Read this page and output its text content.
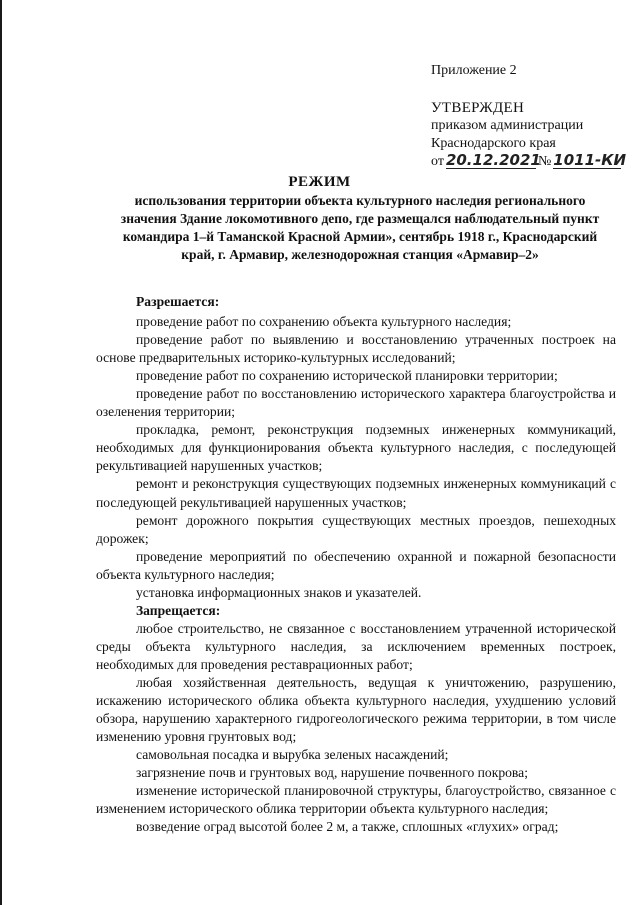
Приложение 2
УТВЕРЖДЕН
приказом администрации
Краснодарского края
от 20.12.2021№ 1011-КИ
РЕЖИМ
использования территории объекта культурного наследия регионального значения Здание локомотивного депо, где размещался наблюдательный пункт командира 1–й Таманской Красной Армии», сентябрь 1918 г., Краснодарский край, г. Армавир, железнодорожная станция «Армавир–2»

Разрешается:

проведение работ по сохранению объекта культурного наследия;

проведение работ по выявлению и восстановлению утраченных построек на основе предварительных историко-культурных исследований;

проведение работ по сохранению исторической планировки территории;

проведение работ по восстановлению исторического характера благоустройства и озеленения территории;

прокладка, ремонт, реконструкция подземных инженерных коммуникаций, необходимых для функционирования объекта культурного наследия, с последующей рекультивацией нарушенных участков;

ремонт и реконструкция существующих подземных инженерных коммуникаций с последующей рекультивацией нарушенных участков;

ремонт дорожного покрытия существующих местных проездов, пешеходных дорожек;

проведение мероприятий по обеспечению охранной и пожарной безопасности объекта культурного наследия;

установка информационных знаков и указателей.

Запрещается:

любое строительство, не связанное с восстановлением утраченной исторической среды объекта культурного наследия, за исключением временных построек, необходимых для проведения реставрационных работ;

любая хозяйственная деятельность, ведущая к уничтожению, разрушению, искажению исторического облика объекта культурного наследия, ухудшению условий обзора, нарушению характерного гидрогеологического режима территории, в том числе изменению уровня грунтовых вод;

самовольная посадка и вырубка зеленых насаждений;

загрязнение почв и грунтовых вод, нарушение почвенного покрова;

изменение исторической планировочной структуры, благоустройство, связанное с изменением исторического облика территории объекта культурного наследия;

возведение оград высотой более 2 м, а также, сплошных «глухих» оград;
